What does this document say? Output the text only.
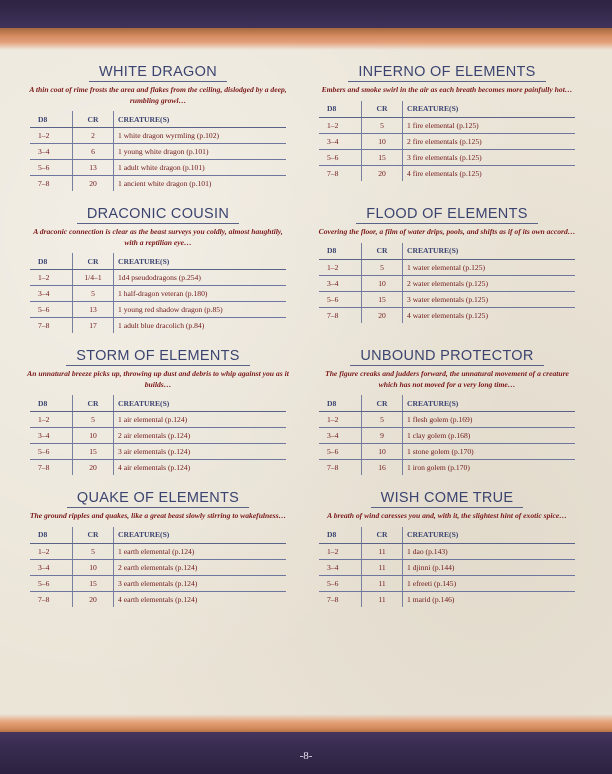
WHITE DRAGON
A thin coat of rime frosts the area and flakes from the ceiling, dislodged by a deep, rumbling growl…
D8	CR	CREATURE(S)
1–2	2	1 white dragon wyrmling (p.102)
3–4	6	1 young white dragon (p.101)
5–6	13	1 adult white dragon (p.101)
7–8	20	1 ancient white dragon (p.101)
DRACONIC COUSIN
A draconic connection is clear as the beast surveys you coldly, almost haughtily, with a reptilian eye…
D8	CR	CREATURE(S)
1–2	1/4–1	1d4 pseudodragons (p.254)
3–4	5	1 half-dragon veteran (p.180)
5–6	13	1 young red shadow dragon (p.85)
7–8	17	1 adult blue dracolich (p.84)
STORM OF ELEMENTS
An unnatural breeze picks up, throwing up dust and debris to whip against you as it builds…
D8	CR	CREATURE(S)
1–2	5	1 air elemental (p.124)
3–4	10	2 air elementals (p.124)
5–6	15	3 air elementals (p.124)
7–8	20	4 air elementals (p.124)
QUAKE OF ELEMENTS
The ground ripples and quakes, like a great beast slowly stirring to wakefulness…
D8	CR	CREATURE(S)
1–2	5	1 earth elemental (p.124)
3–4	10	2 earth elementals (p.124)
5–6	15	3 earth elementals (p.124)
7–8	20	4 earth elementals (p.124)
INFERNO OF ELEMENTS
Embers and smoke swirl in the air as each breath becomes more painfully hot…
D8	CR	CREATURE(S)
1–2	5	1 fire elemental (p.125)
3–4	10	2 fire elementals (p.125)
5–6	15	3 fire elementals (p.125)
7–8	20	4 fire elementals (p.125)
FLOOD OF ELEMENTS
Covering the floor, a film of water drips, pools, and shifts as if of its own accord…
D8	CR	CREATURE(S)
1–2	5	1 water elemental (p.125)
3–4	10	2 water elementals (p.125)
5–6	15	3 water elementals (p.125)
7–8	20	4 water elementals (p.125)
UNBOUND PROTECTOR
The figure creaks and judders forward, the unnatural movement of a creature which has not moved for a very long time…
D8	CR	CREATURE(S)
1–2	5	1 flesh golem (p.169)
3–4	9	1 clay golem (p.168)
5–6	10	1 stone golem (p.170)
7–8	16	1 iron golem (p.170)
WISH COME TRUE
A breath of wind caresses you and, with it, the slightest hint of exotic spice…
D8	CR	CREATURE(S)
1–2	11	1 dao (p.143)
3–4	11	1 djinni (p.144)
5–6	11	1 efreeti (p.145)
7–8	11	1 marid (p.146)
-8-
